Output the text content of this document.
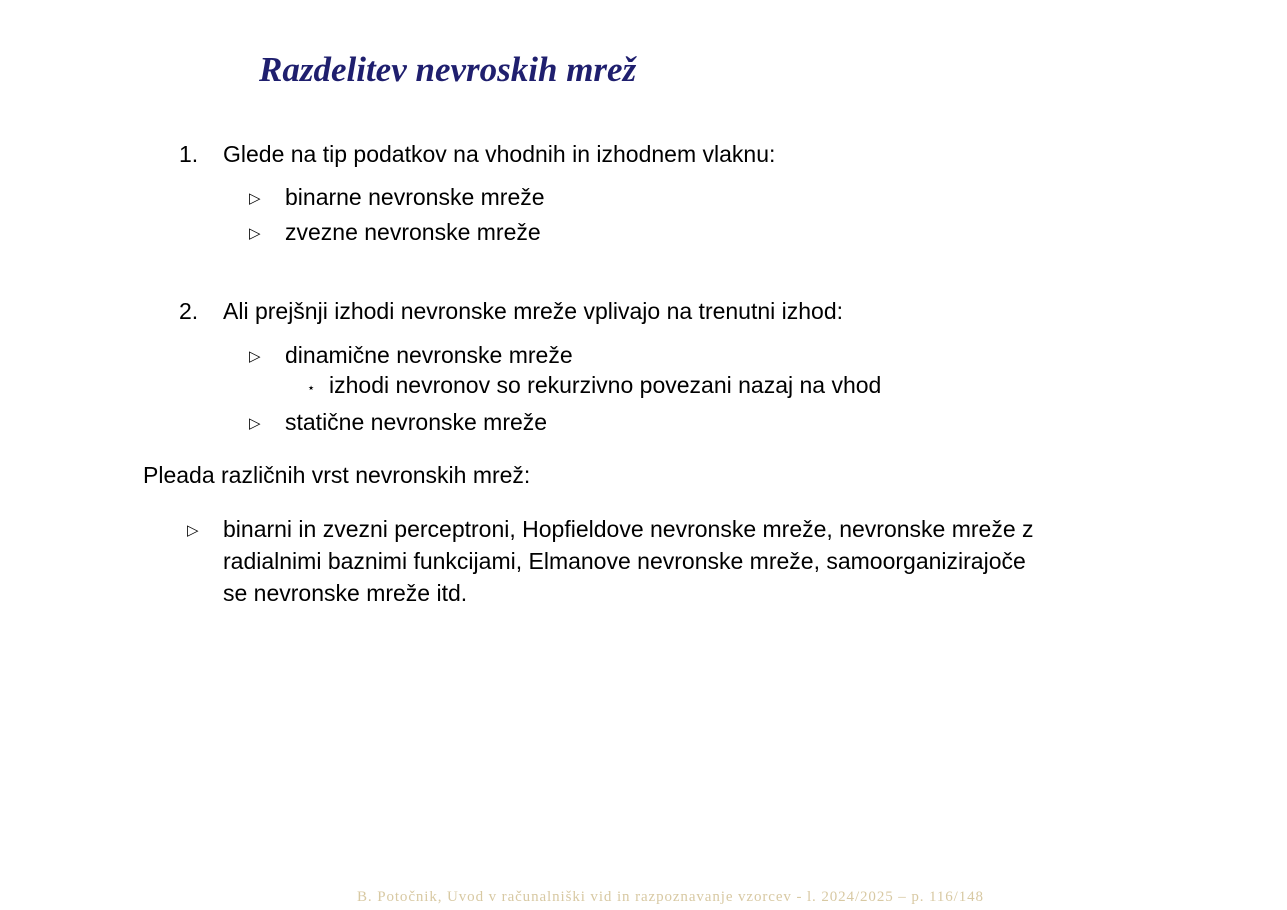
Razdelitev nevroskih mrež
1. Glede na tip podatkov na vhodnih in izhodnem vlaknu:
▷ binarne nevronske mreže
▷ zvezne nevronske mreže
2. Ali prejšnji izhodi nevronske mreže vplivajo na trenutni izhod:
▷ dinamične nevronske mreže
⋆ izhodi nevronov so rekurzivno povezani nazaj na vhod
▷ statične nevronske mreže
Pleada različnih vrst nevronskih mrež:
▷ binarni in zvezni perceptroni, Hopfieldove nevronske mreže, nevronske mreže z
radialnimi baznimi funkcijami, Elmanove nevronske mreže, samoorganizirajoče
se nevronske mreže itd.
B. Potočnik, Uvod v računalniški vid in razpoznavanje vzorcev - l. 2024/2025 – p. 116/148
